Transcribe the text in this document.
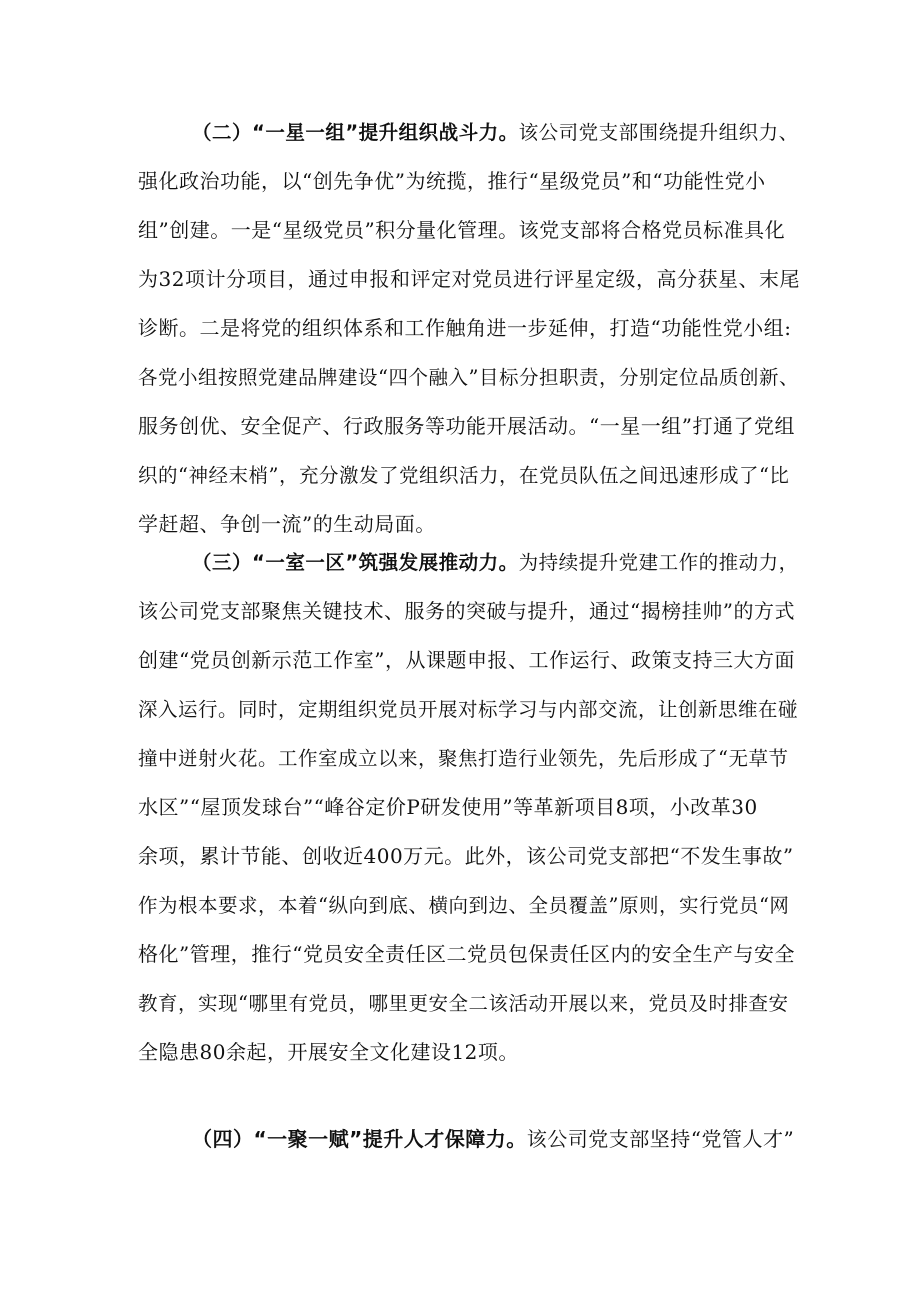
（二）“一星一组”提升组织战斗力。该公司党支部围绕提升组织力、
强化政治功能，以“创先争优”为统揽，推行“星级党员”和“功能性党小
组”创建。一是“星级党员”积分量化管理。该党支部将合格党员标准具化
为32项计分项目，通过申报和评定对党员进行评星定级，高分获星、末尾
诊断。二是将党的组织体系和工作触角进一步延伸，打造“功能性党小组:
各党小组按照党建品牌建设“四个融入”目标分担职责，分别定位品质创新、
服务创优、安全促产、行政服务等功能开展活动。“一星一组”打通了党组
织的“神经末梢”，充分激发了党组织活力，在党员队伍之间迅速形成了“比
学赶超、争创一流”的生动局面。
（三）“一室一区”筑强发展推动力。为持续提升党建工作的推动力，
该公司党支部聚焦关键技术、服务的突破与提升，通过“揭榜挂帅”的方式
创建“党员创新示范工作室”，从课题申报、工作运行、政策支持三大方面
深入运行。同时，定期组织党员开展对标学习与内部交流，让创新思维在碰
撞中迸射火花。工作室成立以来，聚焦打造行业领先，先后形成了“无草节
水区”“屋顶发球台”“峰谷定价P研发使用”等革新项目8项，小改革30
余项，累计节能、创收近400万元。此外，该公司党支部把“不发生事故”
作为根本要求，本着“纵向到底、横向到边、全员覆盖”原则，实行党员“网
格化”管理，推行“党员安全责任区二党员包保责任区内的安全生产与安全
教育，实现“哪里有党员，哪里更安全二该活动开展以来，党员及时排查安
全隐患80余起，开展安全文化建设12项。
（四）“一聚一赋”提升人才保障力。该公司党支部坚持“党管人才”
